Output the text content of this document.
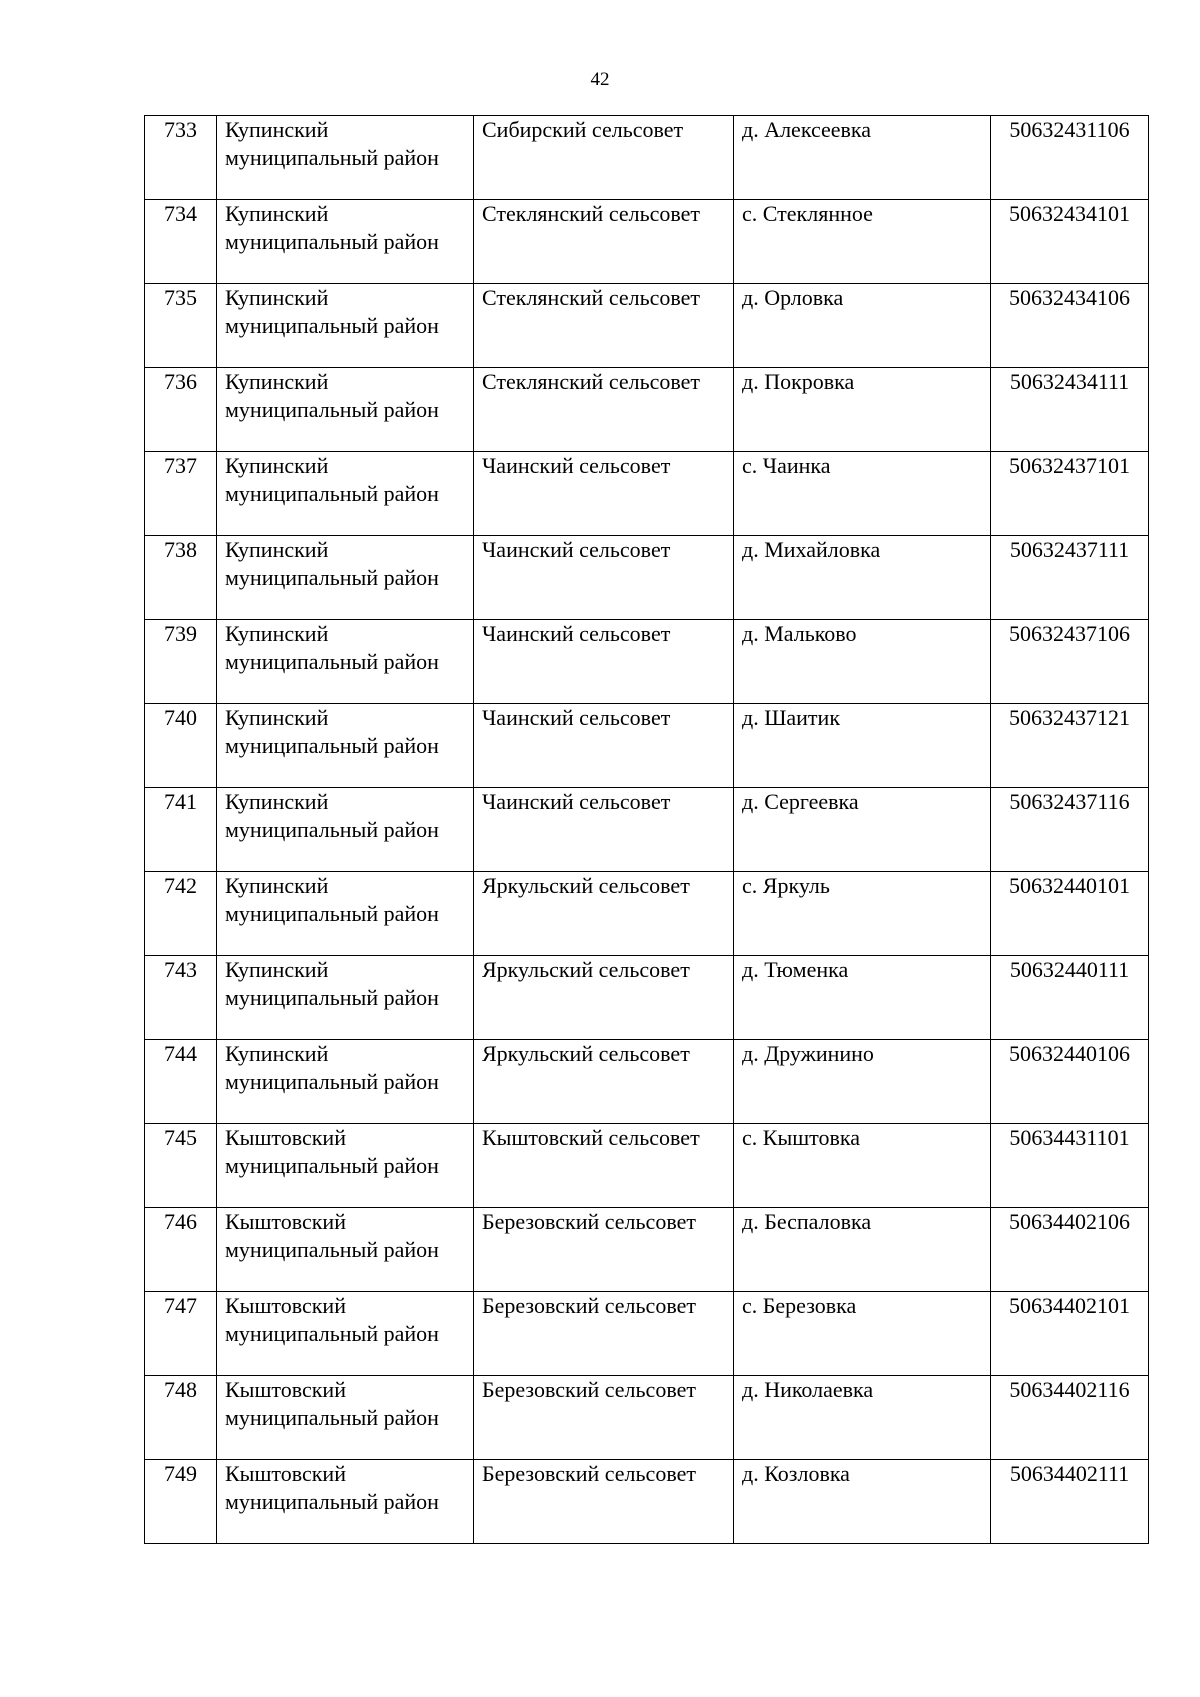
42
733	Купинский муниципальный район	Сибирский сельсовет	д. Алексеевка	50632431106
734	Купинский муниципальный район	Стеклянский сельсовет	с. Стеклянное	50632434101
735	Купинский муниципальный район	Стеклянский сельсовет	д. Орловка	50632434106
736	Купинский муниципальный район	Стеклянский сельсовет	д. Покровка	50632434111
737	Купинский муниципальный район	Чаинский сельсовет	с. Чаинка	50632437101
738	Купинский муниципальный район	Чаинский сельсовет	д. Михайловка	50632437111
739	Купинский муниципальный район	Чаинский сельсовет	д. Мальково	50632437106
740	Купинский муниципальный район	Чаинский сельсовет	д. Шаитик	50632437121
741	Купинский муниципальный район	Чаинский сельсовет	д. Сергеевка	50632437116
742	Купинский муниципальный район	Яркульский сельсовет	с. Яркуль	50632440101
743	Купинский муниципальный район	Яркульский сельсовет	д. Тюменка	50632440111
744	Купинский муниципальный район	Яркульский сельсовет	д. Дружинино	50632440106
745	Кыштовский муниципальный район	Кыштовский сельсовет	с. Кыштовка	50634431101
746	Кыштовский муниципальный район	Березовский сельсовет	д. Беспаловка	50634402106
747	Кыштовский муниципальный район	Березовский сельсовет	с. Березовка	50634402101
748	Кыштовский муниципальный район	Березовский сельсовет	д. Николаевка	50634402116
749	Кыштовский муниципальный район	Березовский сельсовет	д. Козловка	50634402111
